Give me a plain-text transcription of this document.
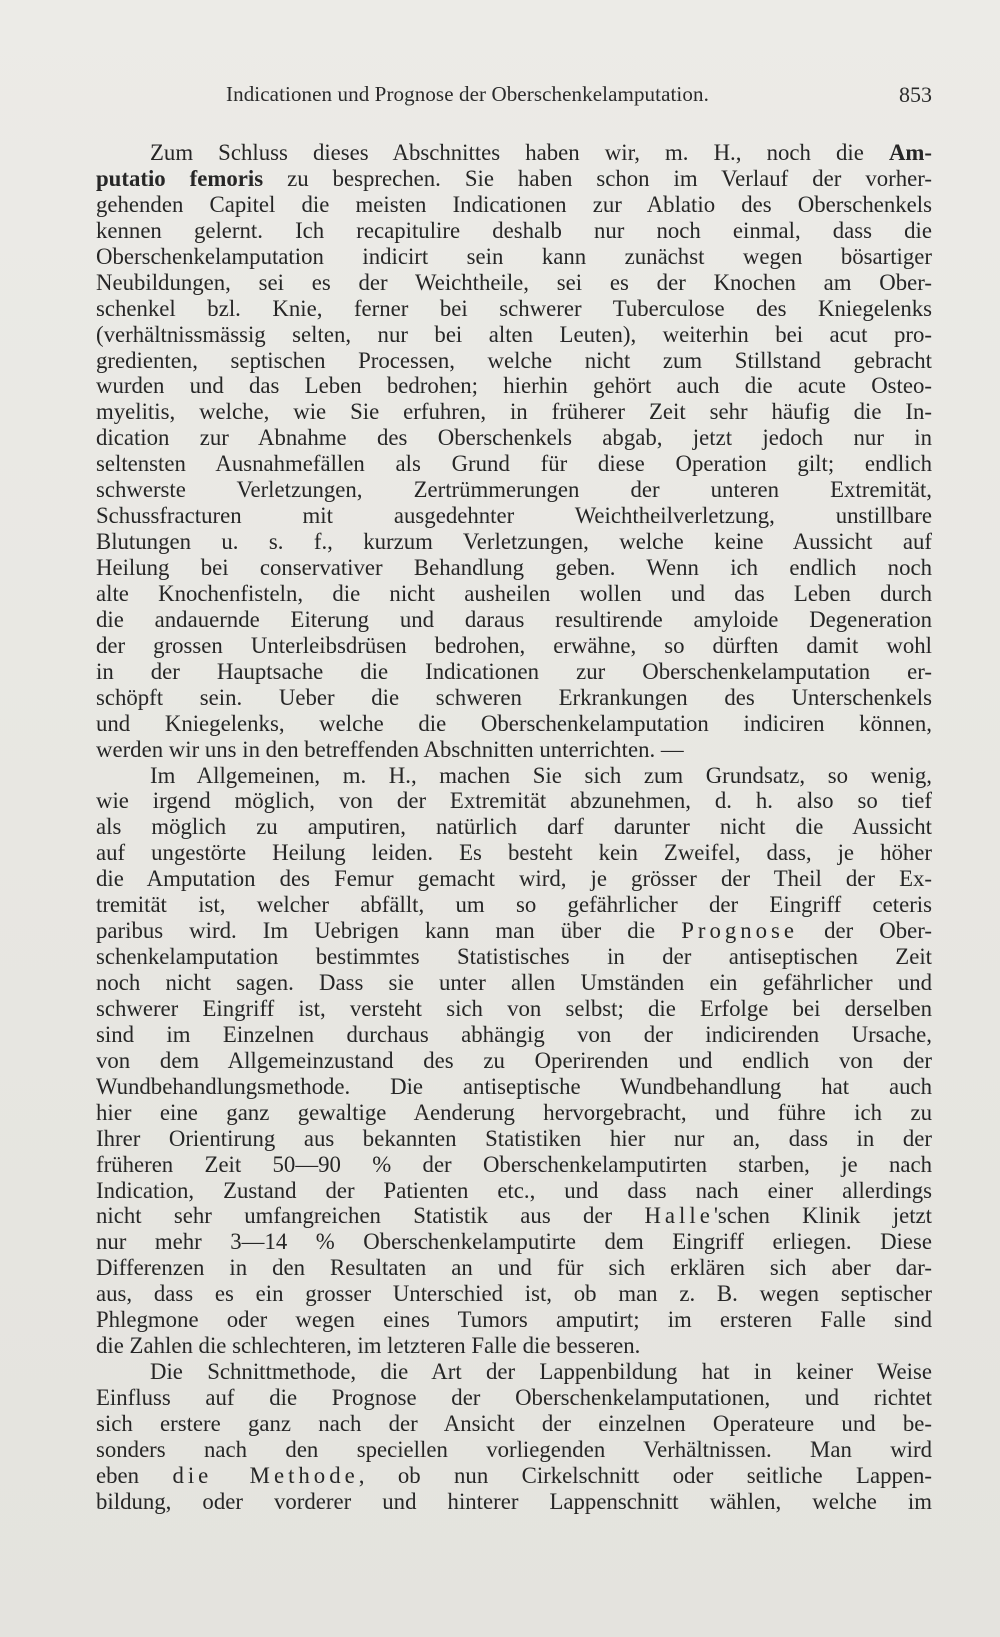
Indicationen und Prognose der Oberschenkelamputation.	853
Zum Schluss dieses Abschnittes haben wir, m. H., noch die Am-
putatio femoris zu besprechen. Sie haben schon im Verlauf der vorher-
gehenden Capitel die meisten Indicationen zur Ablatio des Oberschenkels
kennen gelernt. Ich recapitulire deshalb nur noch einmal, dass die
Oberschenkelamputation indicirt sein kann zunächst wegen bösartiger
Neubildungen, sei es der Weichtheile, sei es der Knochen am Ober-
schenkel bzl. Knie, ferner bei schwerer Tuberculose des Kniegelenks
(verhältnissmässig selten, nur bei alten Leuten), weiterhin bei acut pro-
gredienten, septischen Processen, welche nicht zum Stillstand gebracht
wurden und das Leben bedrohen; hierhin gehört auch die acute Osteo-
myelitis, welche, wie Sie erfuhren, in früherer Zeit sehr häufig die In-
dication zur Abnahme des Oberschenkels abgab, jetzt jedoch nur in
seltensten Ausnahmefällen als Grund für diese Operation gilt; endlich
schwerste Verletzungen, Zertrümmerungen der unteren Extremität,
Schussfracturen mit ausgedehnter Weichtheilverletzung, unstillbare
Blutungen u. s. f., kurzum Verletzungen, welche keine Aussicht auf
Heilung bei conservativer Behandlung geben. Wenn ich endlich noch
alte Knochenfisteln, die nicht ausheilen wollen und das Leben durch
die andauernde Eiterung und daraus resultirende amyloide Degeneration
der grossen Unterleibsdrüsen bedrohen, erwähne, so dürften damit wohl
in der Hauptsache die Indicationen zur Oberschenkelamputation er-
schöpft sein. Ueber die schweren Erkrankungen des Unterschenkels
und Kniegelenks, welche die Oberschenkelamputation indiciren können,
werden wir uns in den betreffenden Abschnitten unterrichten. —
Im Allgemeinen, m. H., machen Sie sich zum Grundsatz, so wenig,
wie irgend möglich, von der Extremität abzunehmen, d. h. also so tief
als möglich zu amputiren, natürlich darf darunter nicht die Aussicht
auf ungestörte Heilung leiden. Es besteht kein Zweifel, dass, je höher
die Amputation des Femur gemacht wird, je grösser der Theil der Ex-
tremität ist, welcher abfällt, um so gefährlicher der Eingriff ceteris
paribus wird. Im Uebrigen kann man über die Prognose der Ober-
schenkelamputation bestimmtes Statistisches in der antiseptischen Zeit
noch nicht sagen. Dass sie unter allen Umständen ein gefährlicher und
schwerer Eingriff ist, versteht sich von selbst; die Erfolge bei derselben
sind im Einzelnen durchaus abhängig von der indicirenden Ursache,
von dem Allgemeinzustand des zu Operirenden und endlich von der
Wundbehandlungsmethode. Die antiseptische Wundbehandlung hat auch
hier eine ganz gewaltige Aenderung hervorgebracht, und führe ich zu
Ihrer Orientirung aus bekannten Statistiken hier nur an, dass in der
früheren Zeit 50—90 % der Oberschenkelamputirten starben, je nach
Indication, Zustand der Patienten etc., und dass nach einer allerdings
nicht sehr umfangreichen Statistik aus der Halle'schen Klinik jetzt
nur mehr 3—14 % Oberschenkelamputirte dem Eingriff erliegen. Diese
Differenzen in den Resultaten an und für sich erklären sich aber dar-
aus, dass es ein grosser Unterschied ist, ob man z. B. wegen septischer
Phlegmone oder wegen eines Tumors amputirt; im ersteren Falle sind
die Zahlen die schlechteren, im letzteren Falle die besseren.
Die Schnittmethode, die Art der Lappenbildung hat in keiner Weise
Einfluss auf die Prognose der Oberschenkelamputationen, und richtet
sich erstere ganz nach der Ansicht der einzelnen Operateure und be-
sonders nach den speciellen vorliegenden Verhältnissen. Man wird
eben die Methode, ob nun Cirkelschnitt oder seitliche Lappen-
bildung, oder vorderer und hinterer Lappenschnitt wählen, welche im
